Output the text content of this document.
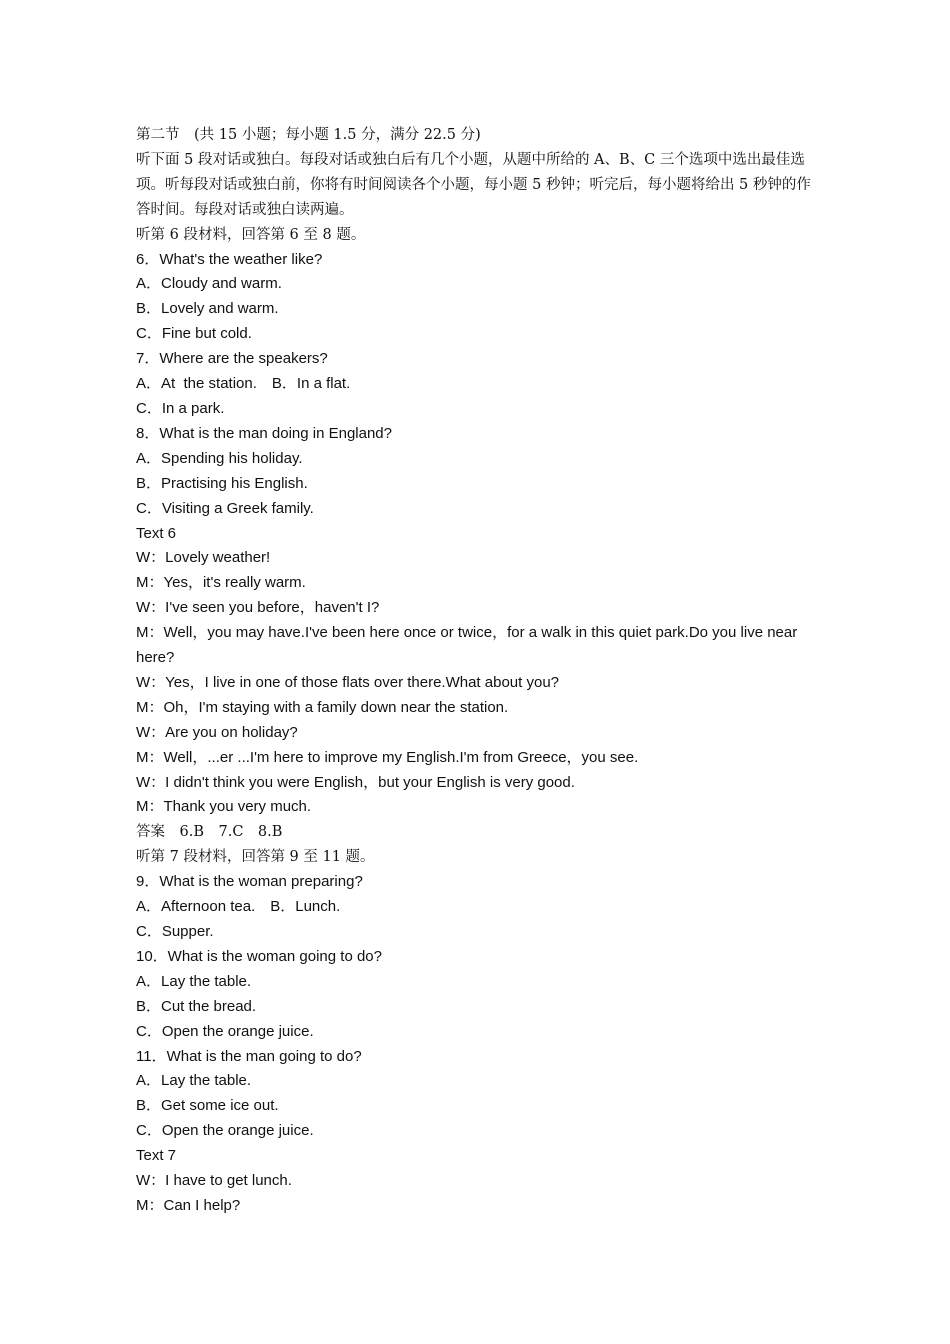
第二节　(共 15 小题；每小题 1.5 分，满分 22.5 分)

听下面 5 段对话或独白。每段对话或独白后有几个小题，从题中所给的 A、B、C 三个选项中选出最佳选项。听每段对话或独白前，你将有时间阅读各个小题，每小题 5 秒钟；听完后，每小题将给出 5 秒钟的作答时间。每段对话或独白读两遍。

听第 6 段材料，回答第 6 至 8 题。

6．What's the weather like?

A．Cloudy and warm.

B．Lovely and warm.

C．Fine but cold.

7．Where are the speakers?

A．At  the station.　B．In a flat.

C．In a park.

8．What is the man doing in England?

A．Spending his holiday.

B．Practising his English.

C．Visiting a Greek family.

Text 6

W：Lovely weather!

M：Yes，it's really warm.

W：I've seen you before，haven't I?

M：Well，you may have.I've been here once or twice，for a walk in this quiet park.Do you live near here?

W：Yes，I live in one of those flats over there.What about you?

M：Oh，I'm staying with a family down near the station.

W：Are you on holiday?

M：Well，...er ...I'm here to improve my English.I'm from Greece，you see.

W：I didn't think you were English，but your English is very good.

M：Thank you very much.

答案　6.B　7.C　8.B

听第 7 段材料，回答第 9 至 11 题。

9．What is the woman preparing?

A．Afternoon tea.　B．Lunch.

C．Supper.

10．What is the woman going to do?

A．Lay the table.

B．Cut the bread.

C．Open the orange juice.

11．What is the man going to do?

A．Lay the table.

B．Get some ice out.

C．Open the orange juice.

Text 7

W：I have to get lunch.

M：Can I help?
